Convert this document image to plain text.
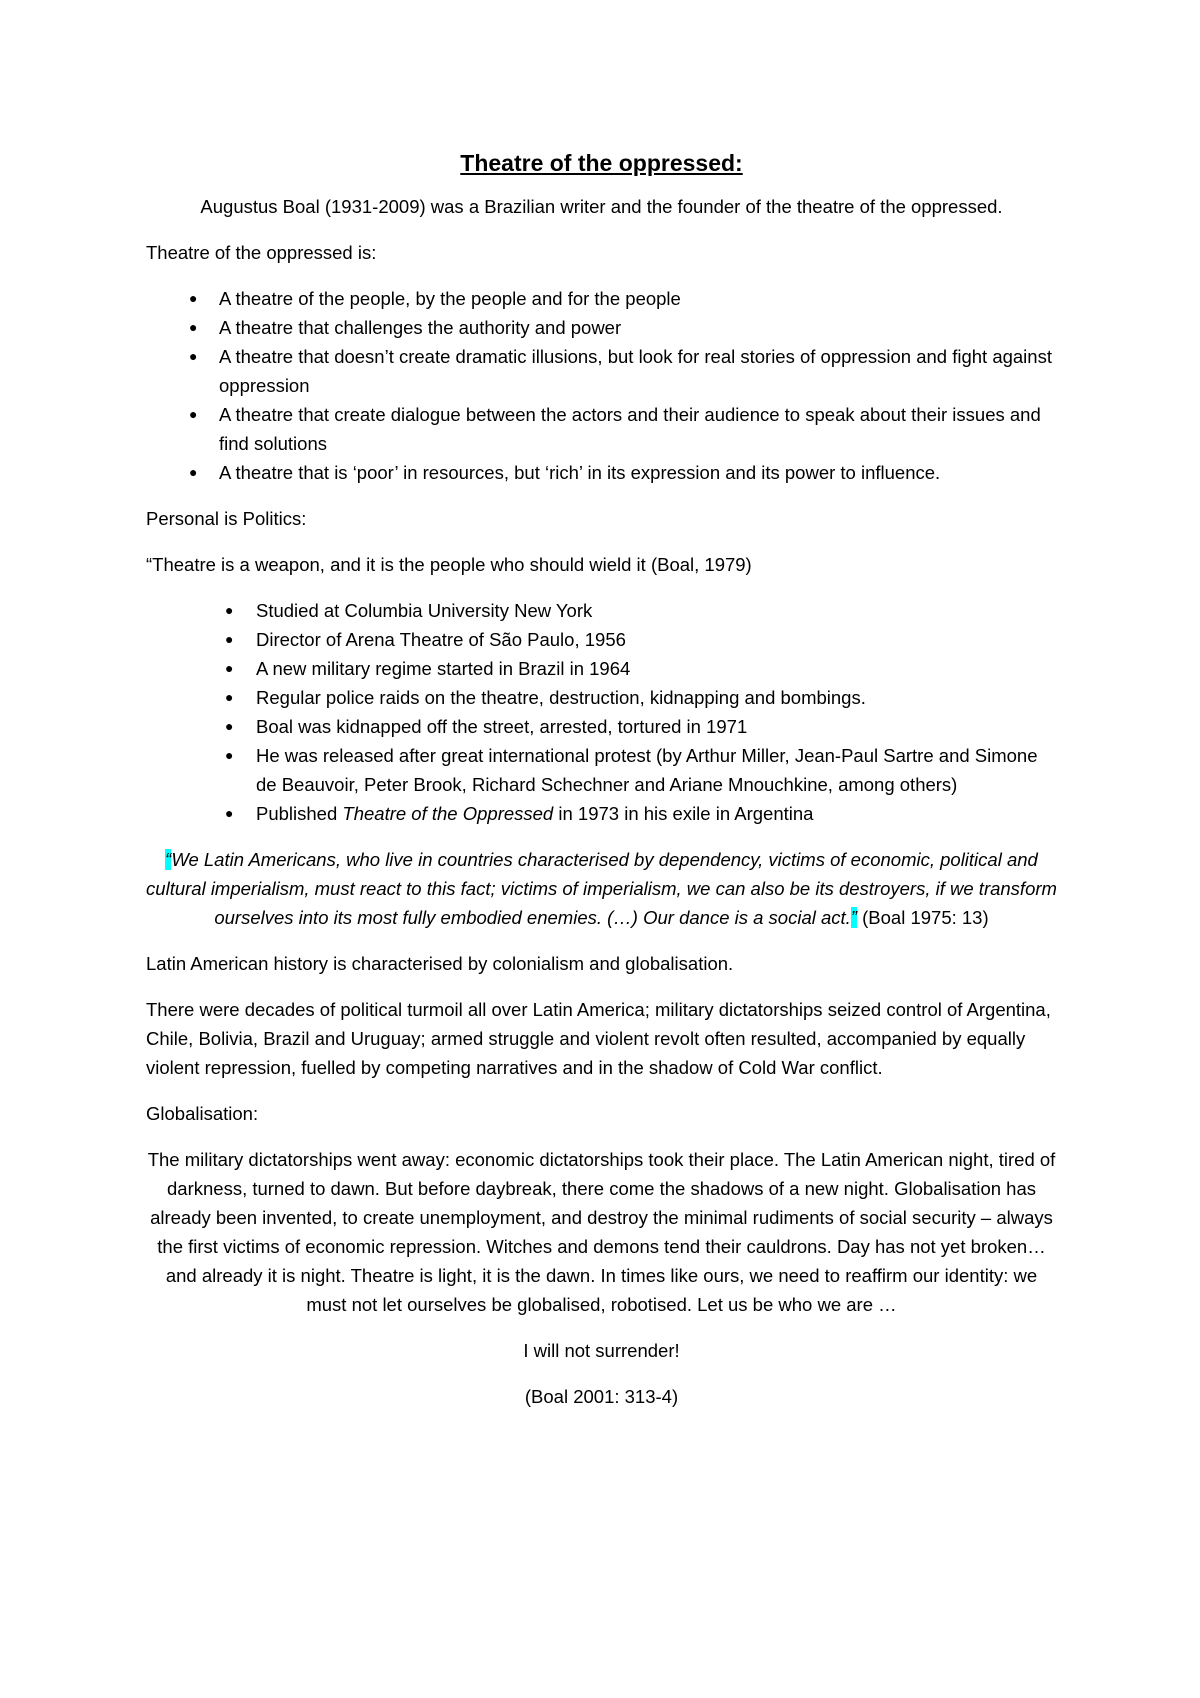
Theatre of the oppressed:

Augustus Boal (1931-2009) was a Brazilian writer and the founder of the theatre of the oppressed.

Theatre of the oppressed is:

● A theatre of the people, by the people and for the people
● A theatre that challenges the authority and power
● A theatre that doesn’t create dramatic illusions, but look for real stories of oppression and fight against oppression
● A theatre that create dialogue between the actors and their audience to speak about their issues and find solutions
● A theatre that is ‘poor’ in resources, but ‘rich’ in its expression and its power to influence.

Personal is Politics:

“Theatre is a weapon, and it is the people who should wield it (Boal, 1979)

● Studied at Columbia University New York
● Director of Arena Theatre of São Paulo, 1956
● A new military regime started in Brazil in 1964
● Regular police raids on the theatre, destruction, kidnapping and bombings.
● Boal was kidnapped off the street, arrested, tortured in 1971
● He was released after great international protest (by Arthur Miller, Jean-Paul Sartre and Simone de Beauvoir, Peter Brook, Richard Schechner and Ariane Mnouchkine, among others)
● Published Theatre of the Oppressed in 1973 in his exile in Argentina

“We Latin Americans, who live in countries characterised by dependency, victims of economic, political and cultural imperialism, must react to this fact; victims of imperialism, we can also be its destroyers, if we transform ourselves into its most fully embodied enemies. (…) Our dance is a social act.” (Boal 1975: 13)

Latin American history is characterised by colonialism and globalisation.

There were decades of political turmoil all over Latin America; military dictatorships seized control of Argentina, Chile, Bolivia, Brazil and Uruguay; armed struggle and violent revolt often resulted, accompanied by equally violent repression, fuelled by competing narratives and in the shadow of Cold War conflict.

Globalisation:

The military dictatorships went away: economic dictatorships took their place. The Latin American night, tired of darkness, turned to dawn. But before daybreak, there come the shadows of a new night. Globalisation has already been invented, to create unemployment, and destroy the minimal rudiments of social security – always the first victims of economic repression. Witches and demons tend their cauldrons. Day has not yet broken… and already it is night. Theatre is light, it is the dawn. In times like ours, we need to reaffirm our identity: we must not let ourselves be globalised, robotised. Let us be who we are …

I will not surrender!

(Boal 2001: 313-4)
